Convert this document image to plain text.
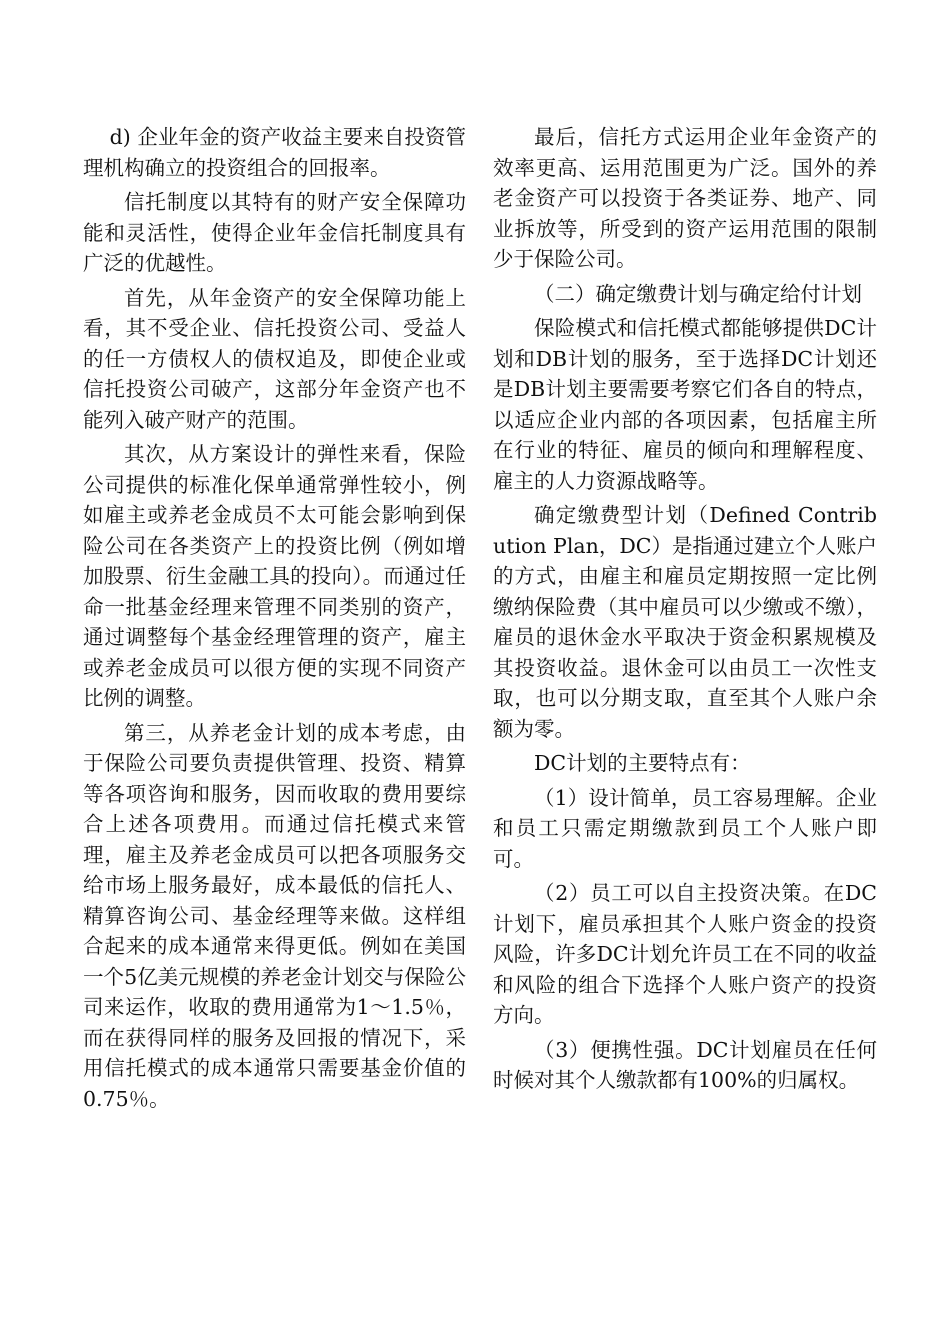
d) 企业年金的资产收益主要来自投资管理机构确立的投资组合的回报率。

信托制度以其特有的财产安全保障功能和灵活性，使得企业年金信托制度具有广泛的优越性。

首先，从年金资产的安全保障功能上看，其不受企业、信托投资公司、受益人的任一方债权人的债权追及，即使企业或信托投资公司破产，这部分年金资产也不能列入破产财产的范围。

其次，从方案设计的弹性来看，保险公司提供的标准化保单通常弹性较小，例如雇主或养老金成员不太可能会影响到保险公司在各类资产上的投资比例（例如增加股票、衍生金融工具的投向）。而通过任命一批基金经理来管理不同类别的资产，通过调整每个基金经理管理的资产，雇主或养老金成员可以很方便的实现不同资产比例的调整。

第三，从养老金计划的成本考虑，由于保险公司要负责提供管理、投资、精算等各项咨询和服务，因而收取的费用要综合上述各项费用。而通过信托模式来管理，雇主及养老金成员可以把各项服务交给市场上服务最好，成本最低的信托人、精算咨询公司、基金经理等来做。这样组合起来的成本通常来得更低。例如在美国一个5亿美元规模的养老金计划交与保险公司来运作，收取的费用通常为1～1.5％，而在获得同样的服务及回报的情况下，采用信托模式的成本通常只需要基金价值的0.75％。

最后，信托方式运用企业年金资产的效率更高、运用范围更为广泛。国外的养老金资产可以投资于各类证券、地产、同业拆放等，所受到的资产运用范围的限制少于保险公司。

（二）确定缴费计划与确定给付计划

保险模式和信托模式都能够提供DC计划和DB计划的服务，至于选择DC计划还是DB计划主要需要考察它们各自的特点，以适应企业内部的各项因素，包括雇主所在行业的特征、雇员的倾向和理解程度、雇主的人力资源战略等。

确定缴费型计划（Defined Contribution Plan，DC）是指通过建立个人账户的方式，由雇主和雇员定期按照一定比例缴纳保险费（其中雇员可以少缴或不缴），雇员的退休金水平取决于资金积累规模及其投资收益。退休金可以由员工一次性支取，也可以分期支取，直至其个人账户余额为零。

DC计划的主要特点有：

（1）设计简单，员工容易理解。企业和员工只需定期缴款到员工个人账户即可。

（2）员工可以自主投资决策。在DC计划下，雇员承担其个人账户资金的投资风险，许多DC计划允许员工在不同的收益和风险的组合下选择个人账户资产的投资方向。

（3）便携性强。DC计划雇员在任何时候对其个人缴款都有100%的归属权。
